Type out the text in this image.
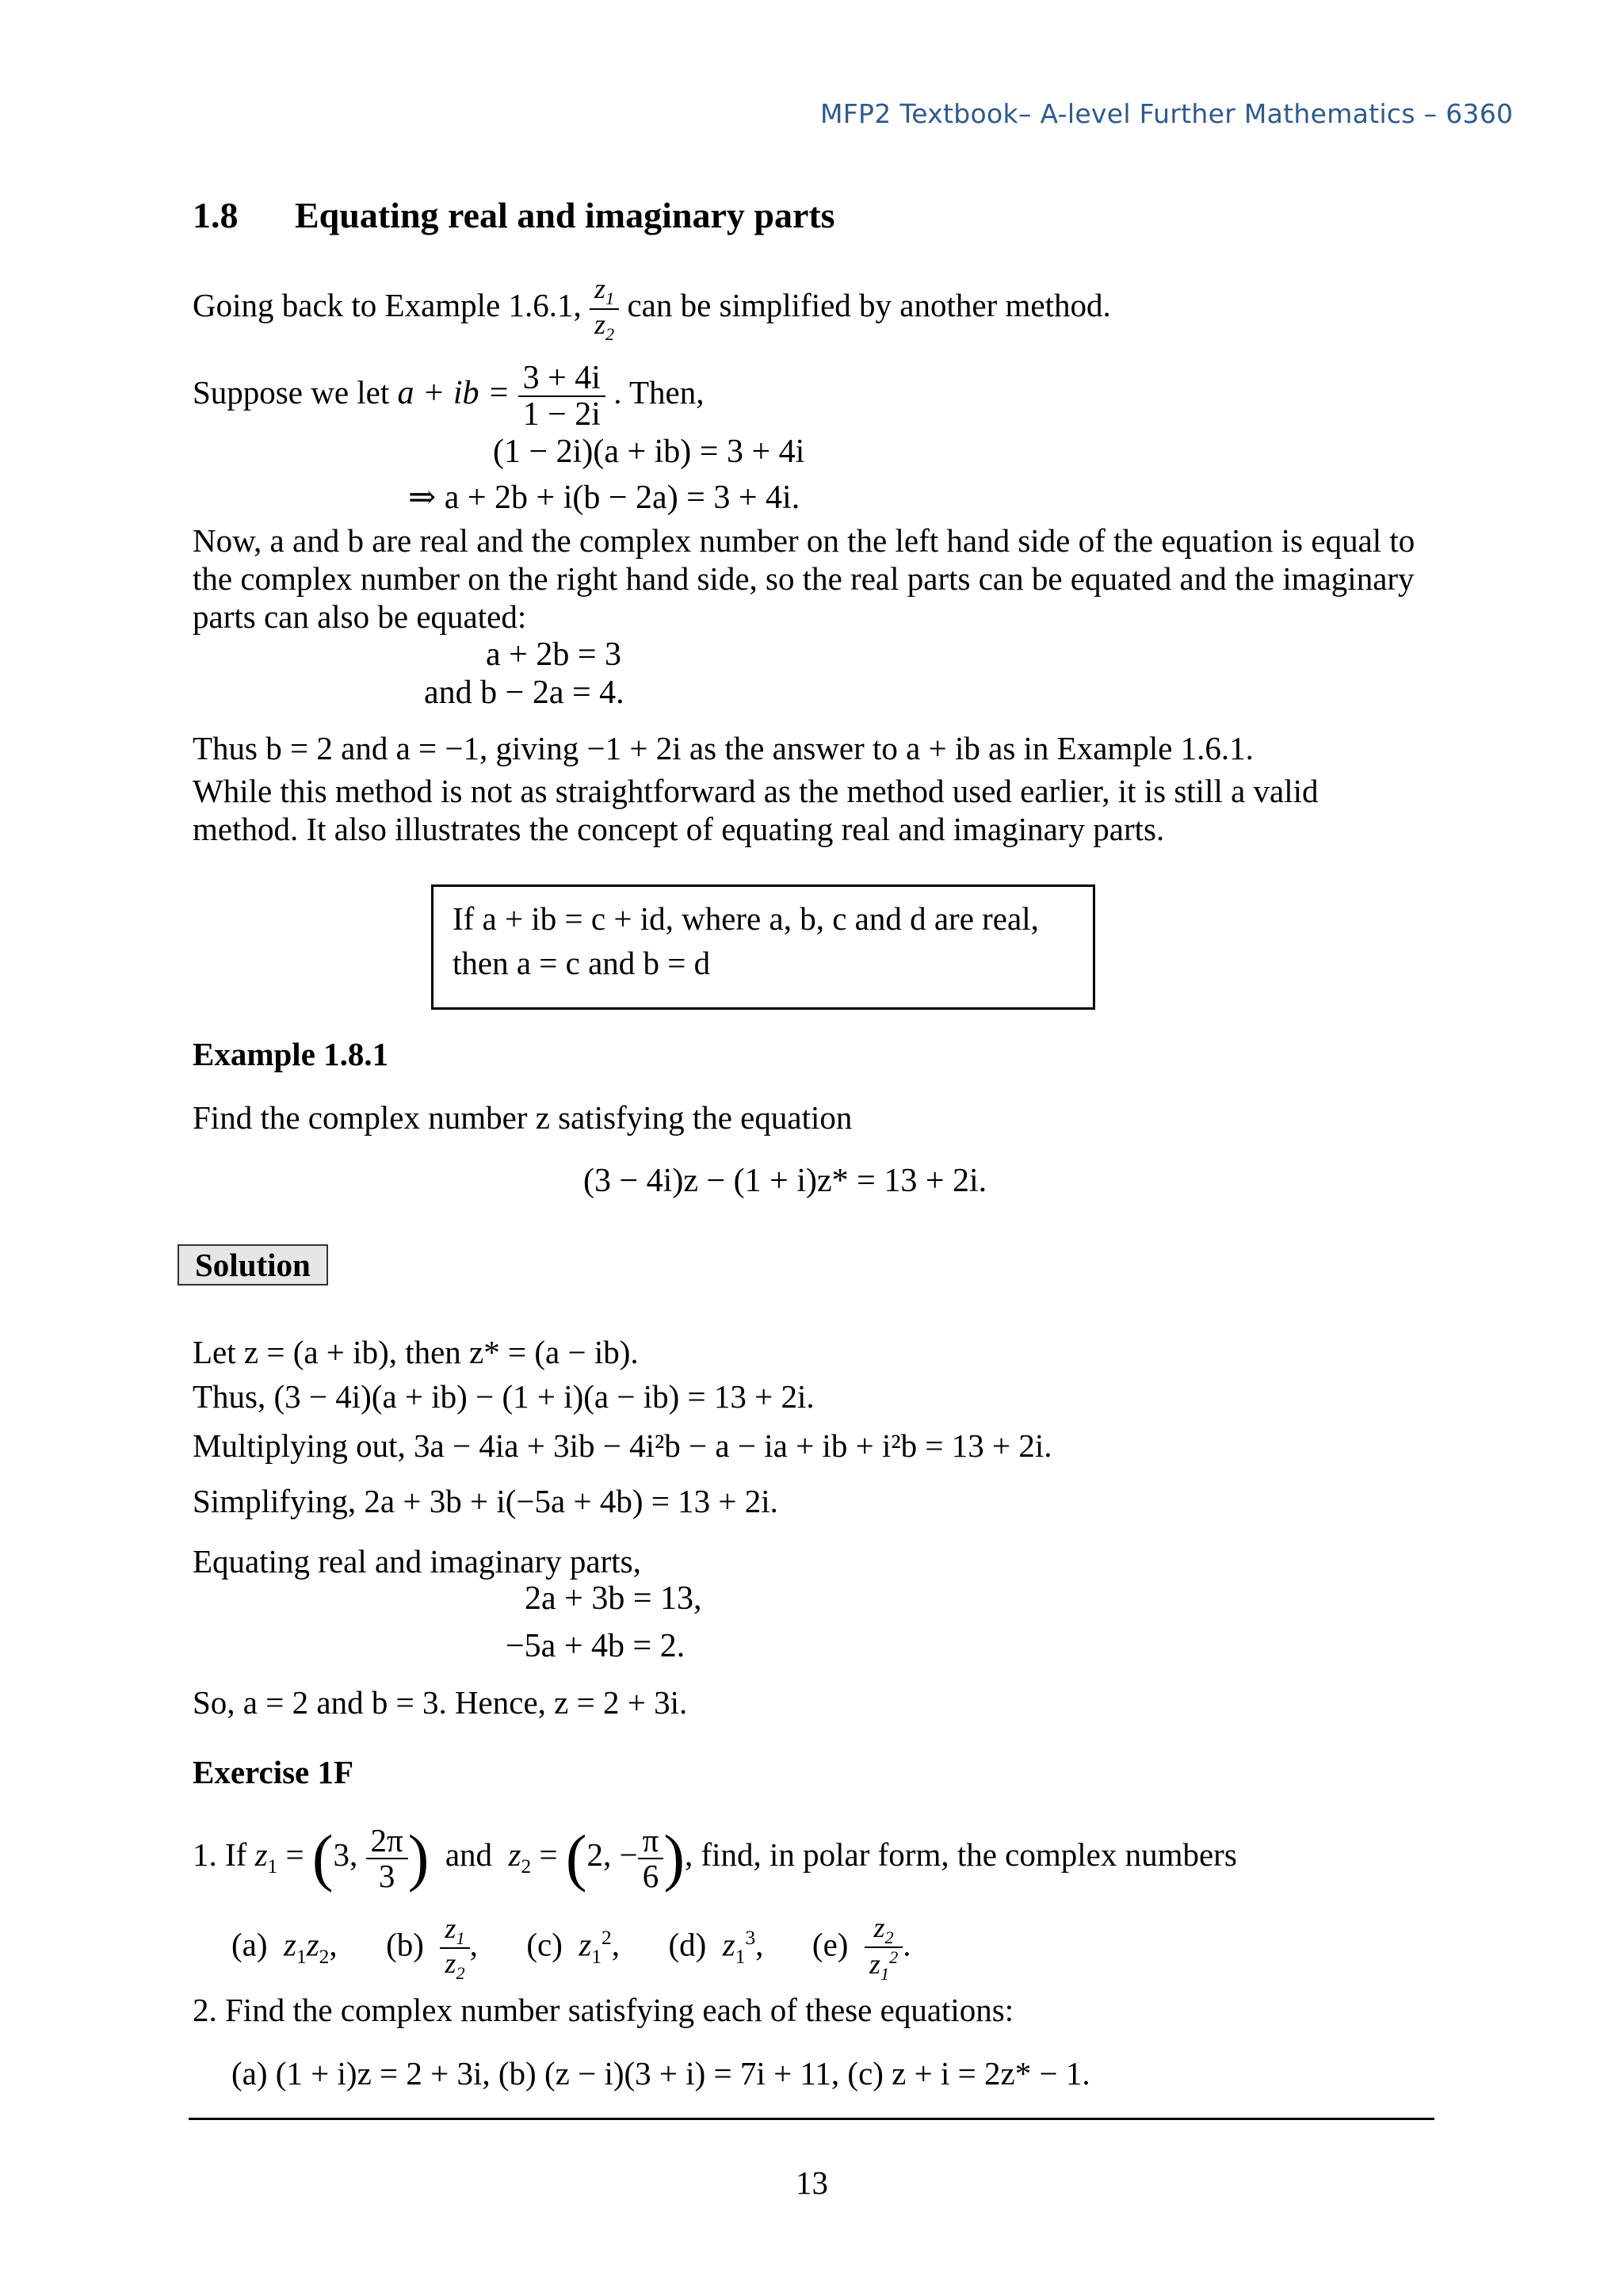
MFP2 Textbook– A-level Further Mathematics – 6360
1.8 Equating real and imaginary parts
Going back to Example 1.6.1, $\frac{z_1}{z_2}$ can be simplified by another method.
Suppose we let a + ib = $\frac{3 + 4i}{1 - 2i}$ . Then,
(1 − 2i)(a + ib) = 3 + 4i
⇒ a + 2b + i(b − 2a) = 3 + 4i.
Now, a and b are real and the complex number on the left hand side of the equation is equal to
the complex number on the right hand side, so the real parts can be equated and the imaginary
parts can also be equated:
a + 2b = 3
and b − 2a = 4.
Thus b = 2 and a = −1, giving −1 + 2i as the answer to a + ib as in Example 1.6.1.
While this method is not as straightforward as the method used earlier, it is still a valid
method. It also illustrates the concept of equating real and imaginary parts.
If a + ib = c + id, where a, b, c and d are real,
then a = c and b = d
Example 1.8.1
Find the complex number z satisfying the equation
(3 − 4i)z − (1 + i)z* = 13 + 2i.
Solution
Let z = (a + ib), then z* = (a − ib).
Thus, (3 − 4i)(a + ib) − (1 + i)(a − ib) = 13 + 2i.
Multiplying out, 3a − 4ia + 3ib − 4i²b − a − ia + ib + i²b = 13 + 2i.
Simplifying, 2a + 3b + i(−5a + 4b) = 13 + 2i.
Equating real and imaginary parts,
2a + 3b = 13,
−5a + 4b = 2.
So, a = 2 and b = 3. Hence, z = 2 + 3i.
Exercise 1F
1. If $z_1 = (3$, $\frac{2\pi}{3}$ ) and $z_2 = (2$, − $\frac{\pi}{6}$ ), find, in polar form, the complex numbers
(a) $z_1z_2$,      $(b) \frac{z_1}{z_2}$ ,      (c) $z_1^2$,      (d) $z_1^3$,      $(e) \frac{z_2}{z_1^2}$ .
2. Find the complex number satisfying each of these equations:
(a) (1 + i)z = 2 + 3i, (b) (z − i)(3 + i) = 7i + 11, (c) z + i = 2z* − 1.
13
